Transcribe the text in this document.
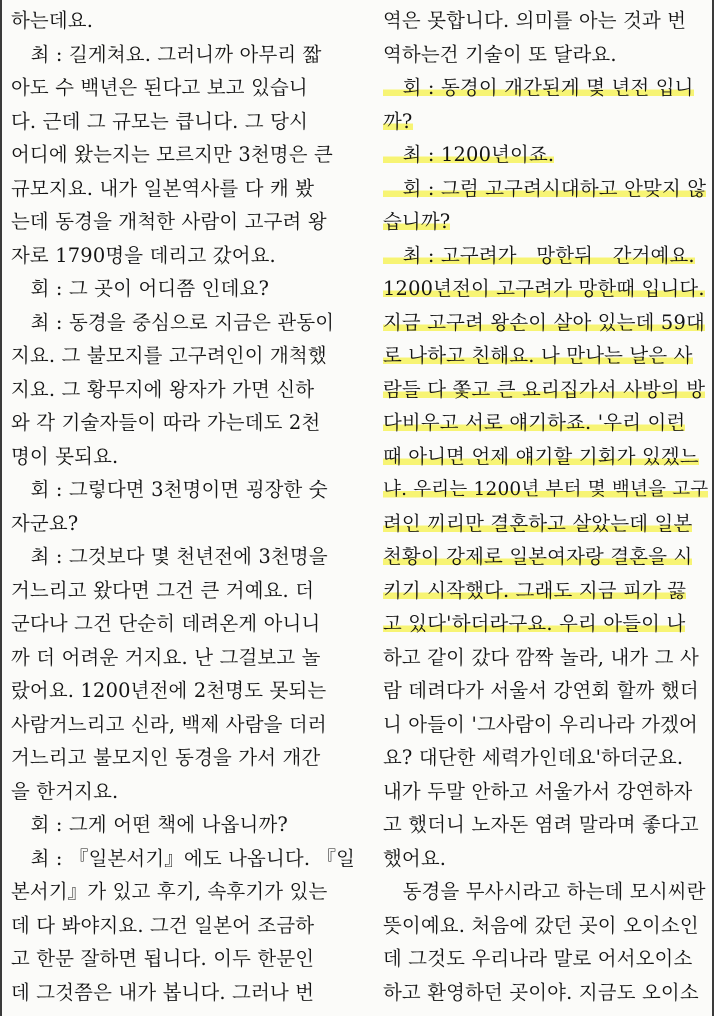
하는데요.
　최 : 길게쳐요. 그러니까 아무리 짧
아도 수 백년은 된다고 보고 있습니
다. 근데 그 규모는 큽니다. 그 당시
어디에 왔는지는 모르지만 3천명은 큰
규모지요. 내가 일본역사를 다 캐 봤
는데 동경을 개척한 사람이 고구려 왕
자로 1790명을 데리고 갔어요.
　회 : 그 곳이 어디쯤 인데요?
　최 : 동경을 중심으로 지금은 관동이
지요. 그 불모지를 고구려인이 개척했
지요. 그 황무지에 왕자가 가면 신하
와 각 기술자들이 따라 가는데도 2천
명이 못되요.
　회 : 그렇다면 3천명이면 굉장한 숫
자군요?
　최 : 그것보다 몇 천년전에 3천명을
거느리고 왔다면 그건 큰 거예요. 더
군다나 그건 단순히 데려온게 아니니
까 더 어려운 거지요. 난 그걸보고 놀
랐어요. 1200년전에 2천명도 못되는
사람거느리고 신라, 백제 사람을 더러
거느리고 불모지인 동경을 가서 개간
을 한거지요.
　회 : 그게 어떤 책에 나옵니까?
　최 : 『일본서기』에도 나옵니다. 『일
본서기』가 있고 후기, 속후기가 있는
데 다 봐야지요. 그건 일본어 조금하
고 한문 잘하면 됩니다. 이두 한문인
데 그것쯤은 내가 봅니다. 그러나 번
역은 못합니다. 의미를 아는 것과 번
역하는건 기술이 또 달라요.
　회 : 동경이 개간된게 몇 년전 입니
까?
　최 : 1200년이죠.
　회 : 그럼 고구려시대하고 안맞지 않
습니까?
　최 : 고구려가　망한뒤　간거예요.
1200년전이 고구려가 망한때 입니다.
지금 고구려 왕손이 살아 있는데 59대
로 나하고 친해요. 나 만나는 날은 사
람들 다 쫓고 큰 요리집가서 사방의 방
다비우고 서로 얘기하죠. '우리 이런
때 아니면 언제 얘기할 기회가 있겠느
냐. 우리는 1200년 부터 몇 백년을 고구
려인 끼리만 결혼하고 살았는데 일본
천황이 강제로 일본여자랑 결혼을 시
키기 시작했다. 그래도 지금 피가 끓
고 있다'하더라구요. 우리 아들이 나
하고 같이 갔다 깜짝 놀라, 내가 그 사
람 데려다가 서울서 강연회 할까 했더
니 아들이 '그사람이 우리나라 가겠어
요? 대단한 세력가인데요'하더군요.
내가 두말 안하고 서울가서 강연하자
고 했더니 노자돈 염려 말라며 좋다고
했어요.
　동경을 무사시라고 하는데 모시씨란
뜻이예요. 처음에 갔던 곳이 오이소인
데 그것도 우리나라 말로 어서오이소
하고 환영하던 곳이야. 지금도 오이소
